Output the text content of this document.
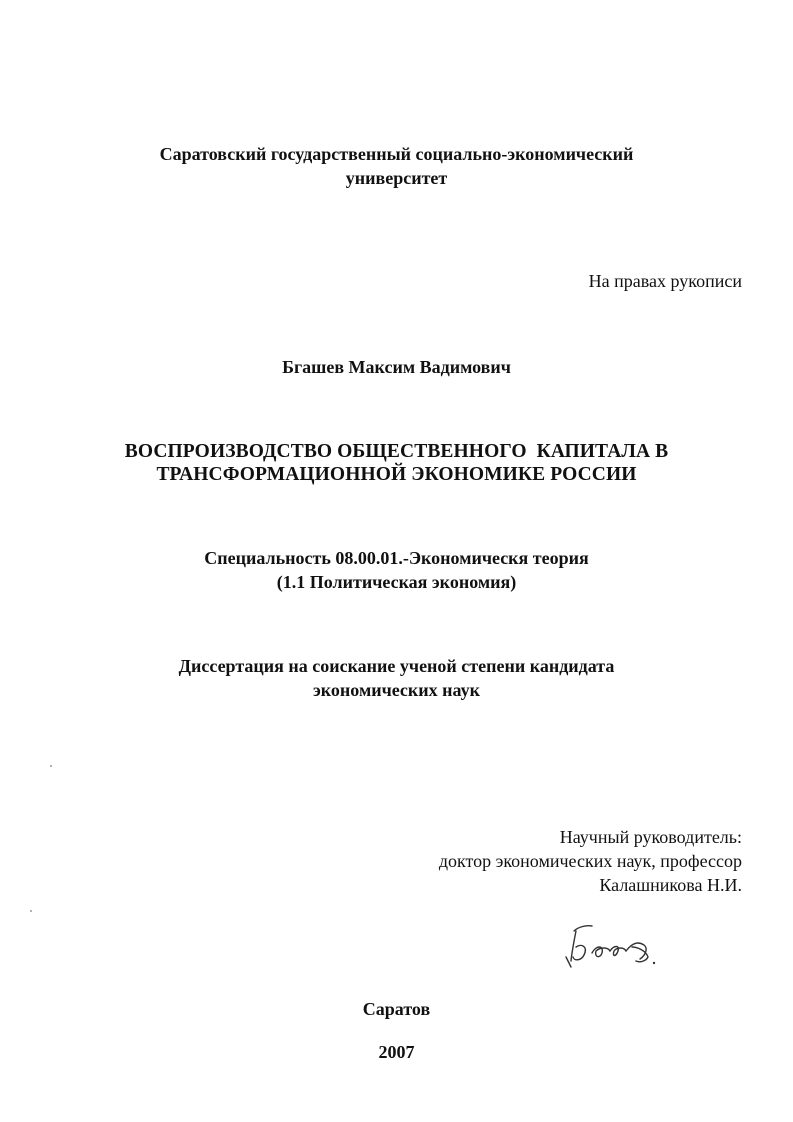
Саратовский государственный социально-экономический
университет
На правах рукописи
Бгашев Максим Вадимович
ВОСПРОИЗВОДСТВО ОБЩЕСТВЕННОГО  КАПИТАЛА В
ТРАНСФОРМАЦИОННОЙ ЭКОНОМИКЕ РОССИИ
Специальность 08.00.01.-Экономическя теория
(1.1 Политическая экономия)
Диссертация на соискание ученой степени кандидата
экономических наук
Научный руководитель:
доктор экономических наук, профессор
Калашникова Н.И.
Саратов
2007
